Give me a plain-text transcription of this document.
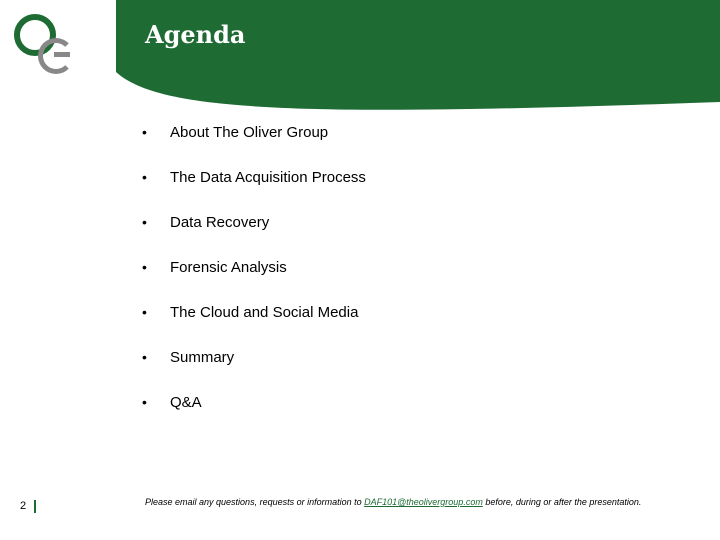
Agenda
•	About The Oliver Group
•	The Data Acquisition Process
•	Data Recovery
•	Forensic Analysis
•	The Cloud and Social Media
•	Summary
•	Q&A
2	Please email any questions, requests or information to DAF101@theolivergroup.com before, during or after the presentation.
